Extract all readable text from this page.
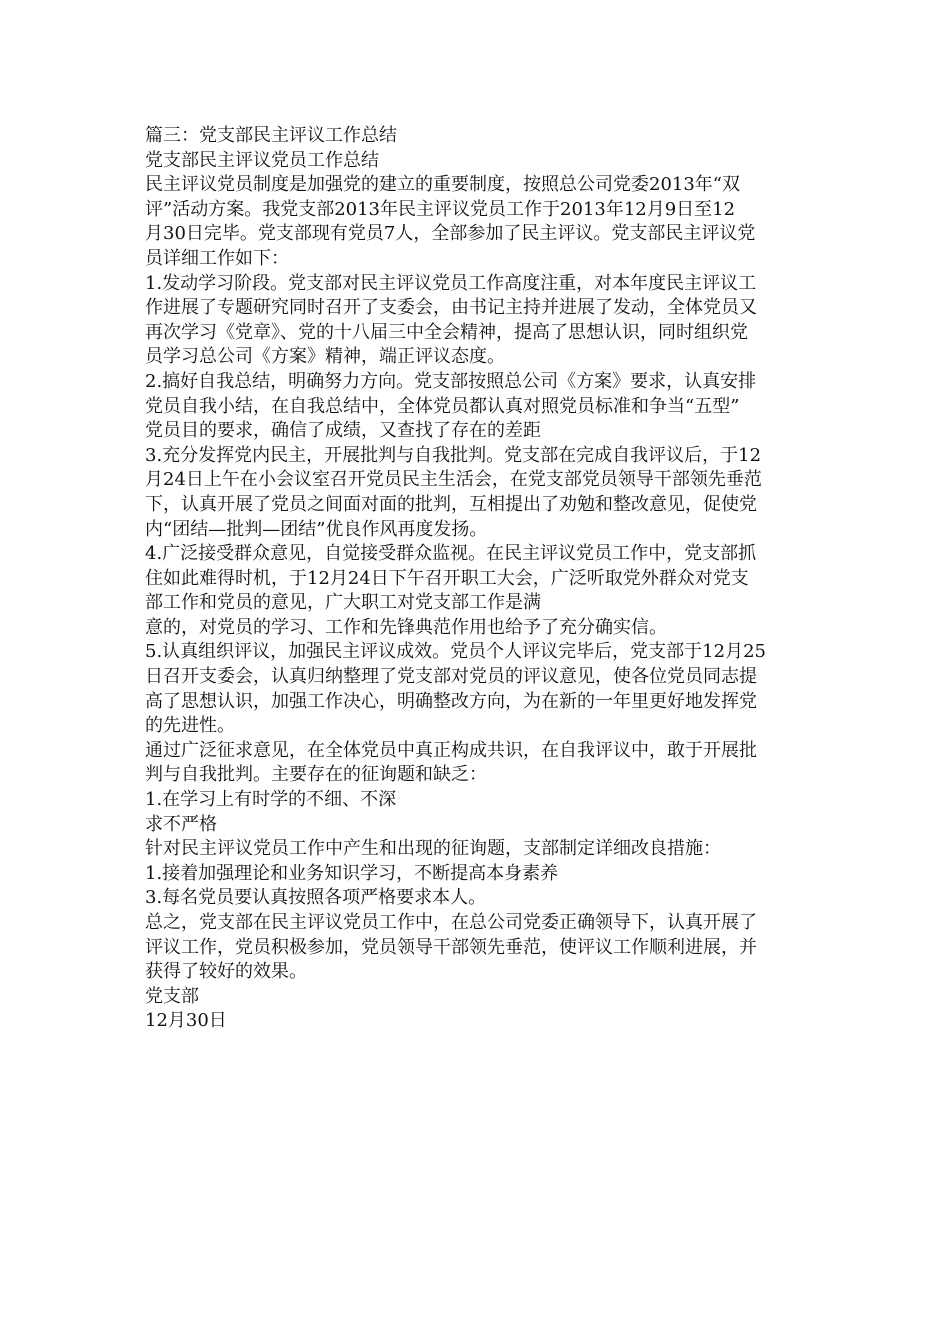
篇三：党支部民主评议工作总结
党支部民主评议党员工作总结
民主评议党员制度是加强党的建立的重要制度，按照总公司党委2013年“双
评”活动方案。我党支部2013年民主评议党员工作于2013年12月9日至12
月30日完毕。党支部现有党员7人，全部参加了民主评议。党支部民主评议党
员详细工作如下：
1.发动学习阶段。党支部对民主评议党员工作高度注重，对本年度民主评议工
作进展了专题研究同时召开了支委会，由书记主持并进展了发动，全体党员又
再次学习《党章》、党的十八届三中全会精神，提高了思想认识，同时组织党
员学习总公司《方案》精神，端正评议态度。
2.搞好自我总结，明确努力方向。党支部按照总公司《方案》要求，认真安排
党员自我小结，在自我总结中，全体党员都认真对照党员标准和争当“五型”
党员目的要求，确信了成绩，又查找了存在的差距
3.充分发挥党内民主，开展批判与自我批判。党支部在完成自我评议后，于12
月24日上午在小会议室召开党员民主生活会，在党支部党员领导干部领先垂范
下，认真开展了党员之间面对面的批判，互相提出了劝勉和整改意见，促使党
内“团结—批判—团结”优良作风再度发扬。
4.广泛接受群众意见，自觉接受群众监视。在民主评议党员工作中，党支部抓
住如此难得时机，于12月24日下午召开职工大会，广泛听取党外群众对党支
部工作和党员的意见，广大职工对党支部工作是满
意的，对党员的学习、工作和先锋典范作用也给予了充分确实信。
5.认真组织评议，加强民主评议成效。党员个人评议完毕后，党支部于12月25
日召开支委会，认真归纳整理了党支部对党员的评议意见，使各位党员同志提
高了思想认识，加强工作决心，明确整改方向，为在新的一年里更好地发挥党
的先进性。
通过广泛征求意见，在全体党员中真正构成共识，在自我评议中，敢于开展批
判与自我批判。主要存在的征询题和缺乏：
1.在学习上有时学的不细、不深
求不严格
针对民主评议党员工作中产生和出现的征询题，支部制定详细改良措施：
1.接着加强理论和业务知识学习，不断提高本身素养
3.每名党员要认真按照各项严格要求本人。
总之，党支部在民主评议党员工作中，在总公司党委正确领导下，认真开展了
评议工作，党员积极参加，党员领导干部领先垂范，使评议工作顺利进展，并
获得了较好的效果。
党支部
12月30日
